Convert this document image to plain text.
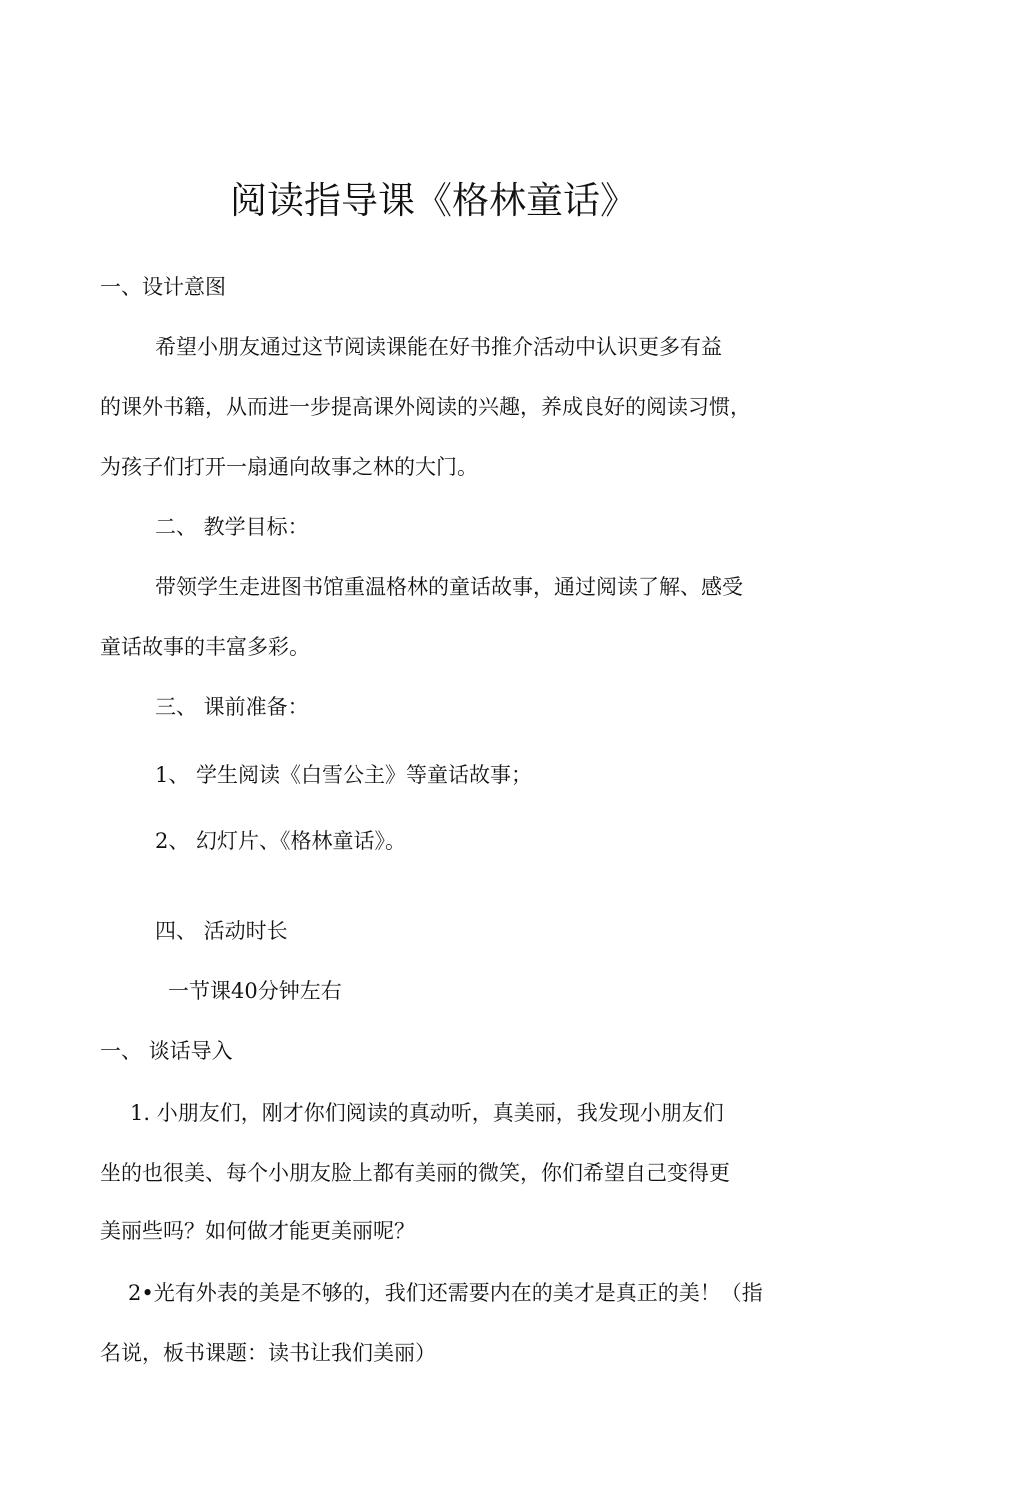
阅读指导课《格林童话》

一、设计意图

希望小朋友通过这节阅读课能在好书推介活动中认识更多有益

的课外书籍，从而进一步提高课外阅读的兴趣，养成良好的阅读习惯，

为孩子们打开一扇通向故事之林的大门。

二、 教学目标：

带领学生走进图书馆重温格林的童话故事，通过阅读了解、感受

童话故事的丰富多彩。

三、 课前准备：

1、 学生阅读《白雪公主》等童话故事；

2、 幻灯片、《格林童话》。

四、 活动时长

一节课40分钟左右

一、 谈话导入

1. 小朋友们，刚才你们阅读的真动听，真美丽，我发现小朋友们

坐的也很美、每个小朋友脸上都有美丽的微笑，你们希望自己变得更

美丽些吗？如何做才能更美丽呢？

2•光有外表的美是不够的，我们还需要内在的美才是真正的美！（指

名说，板书课题：读书让我们美丽）
